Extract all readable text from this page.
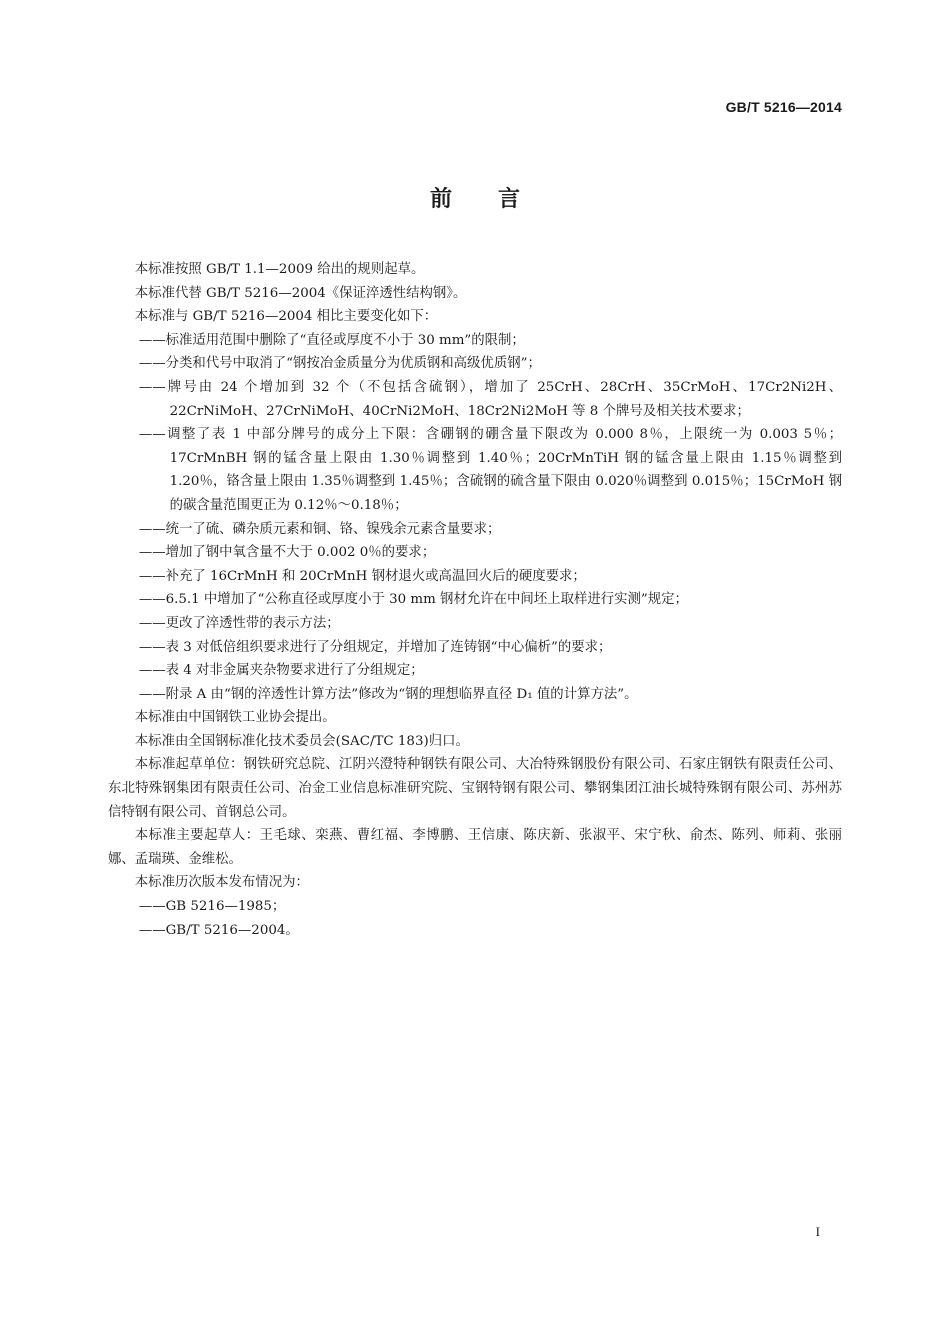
GB/T 5216—2014
前言

本标准按照 GB/T 1.1—2009 给出的规则起草。

本标准代替 GB/T 5216—2004《保证淬透性结构钢》。

本标准与 GB/T 5216—2004 相比主要变化如下：

——标准适用范围中删除了“直径或厚度不小于 30 mm”的限制；

——分类和代号中取消了“钢按冶金质量分为优质钢和高级优质钢”；

——牌号由 24 个增加到 32 个（不包括含硫钢），增加了 25CrH、28CrH、35CrMoH、17Cr2Ni2H、22CrNiMoH、27CrNiMoH、40CrNi2MoH、18Cr2Ni2MoH 等 8 个牌号及相关技术要求；

——调整了表 1 中部分牌号的成分上下限：含硼钢的硼含量下限改为 0.000 8％，上限统一为 0.003 5％；17CrMnBH 钢的锰含量上限由 1.30％调整到 1.40％；20CrMnTiH 钢的锰含量上限由 1.15％调整到 1.20％，铬含量上限由 1.35％调整到 1.45％；含硫钢的硫含量下限由 0.020％调整到 0.015％；15CrMoH 钢的碳含量范围更正为 0.12％～0.18％；

——统一了硫、磷杂质元素和铜、铬、镍残余元素含量要求；

——增加了钢中氧含量不大于 0.002 0％的要求；

——补充了 16CrMnH 和 20CrMnH 钢材退火或高温回火后的硬度要求；

——6.5.1 中增加了“公称直径或厚度小于 30 mm 钢材允许在中间坯上取样进行实测”规定；

——更改了淬透性带的表示方法；

——表 3 对低倍组织要求进行了分组规定，并增加了连铸钢“中心偏析”的要求；

——表 4 对非金属夹杂物要求进行了分组规定；

——附录 A 由“钢的淬透性计算方法”修改为“钢的理想临界直径 D₁ 值的计算方法”。

本标准由中国钢铁工业协会提出。

本标准由全国钢标准化技术委员会(SAC/TC 183)归口。

本标准起草单位：钢铁研究总院、江阴兴澄特种钢铁有限公司、大冶特殊钢股份有限公司、石家庄钢铁有限责任公司、东北特殊钢集团有限责任公司、冶金工业信息标准研究院、宝钢特钢有限公司、攀钢集团江油长城特殊钢有限公司、苏州苏信特钢有限公司、首钢总公司。

本标准主要起草人：王毛球、栾燕、曹红福、李博鹏、王信康、陈庆新、张淑平、宋宁秋、俞杰、陈列、师莉、张丽娜、孟瑞瑛、金维松。

本标准历次版本发布情况为：

——GB 5216—1985；

——GB/T 5216—2004。

I
